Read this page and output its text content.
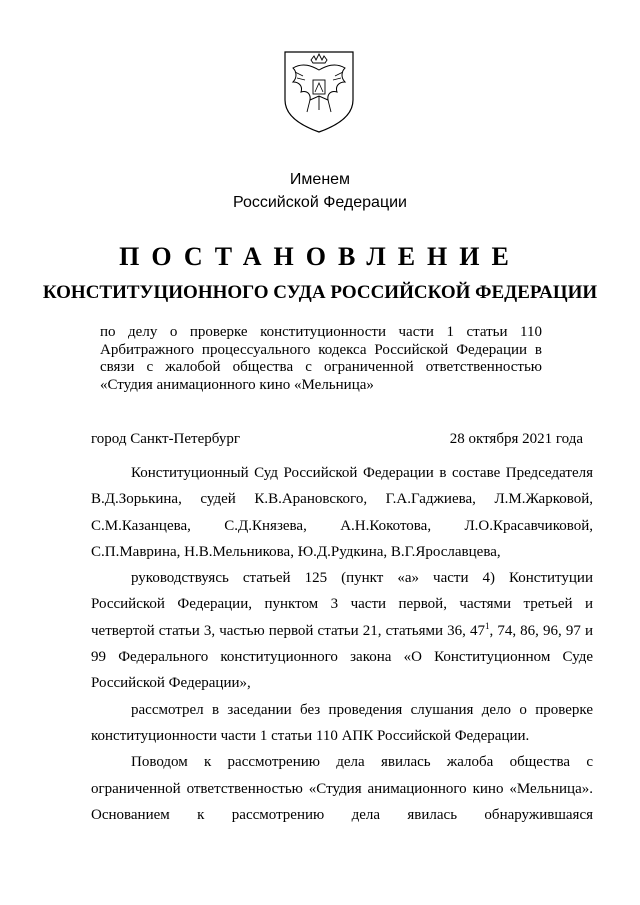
Именем
Российской Федерации
ПОСТАНОВЛЕНИЕ
КОНСТИТУЦИОННОГО СУДА РОССИЙСКОЙ ФЕДЕРАЦИИ
по делу о проверке конституционности части 1 статьи 110
Арбитражного процессуального кодекса Российской Федерации в
связи с жалобой общества с ограниченной ответственностью
«Студия анимационного кино «Мельница»
город Санкт-Петербург	28 октября 2021 года
Конституционный Суд Российской Федерации в составе Председателя
В.Д.Зорькина, судей К.В.Арановского, Г.А.Гаджиева, Л.М.Жарковой,
С.М.Казанцева, С.Д.Князева, А.Н.Кокотова, Л.О.Красавчиковой,
С.П.Маврина, Н.В.Мельникова, Ю.Д.Рудкина, В.Г.Ярославцева,
руководствуясь статьей 125 (пункт «а» части 4) Конституции
Российской Федерации, пунктом 3 части первой, частями третьей и
четвертой статьи 3, частью первой статьи 21, статьями 36, $47^1$, 74, 86, 96, 97 и
99 Федерального конституционного закона «О Конституционном Суде
Российской Федерации»,
рассмотрел в заседании без проведения слушания дело о проверке
конституционности части 1 статьи 110 АПК Российской Федерации.
Поводом к рассмотрению дела явилась жалоба общества с
ограниченной ответственностью «Студия анимационного кино «Мельница».
Основанием к рассмотрению дела явилась обнаружившаяся
